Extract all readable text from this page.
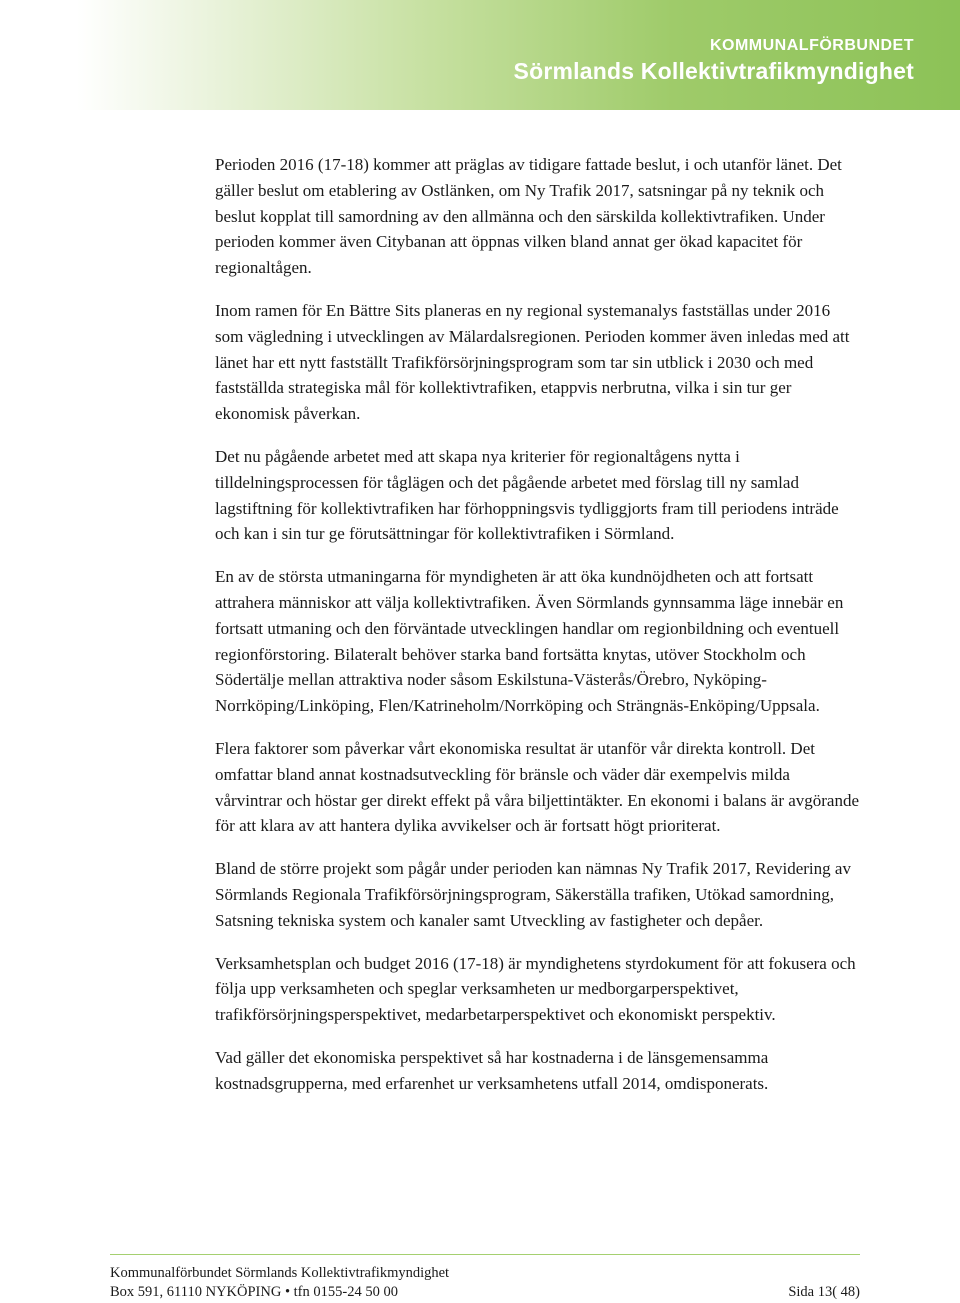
KOMMUNALFÖRBUNDET
Sörmlands Kollektivtrafikmyndighet

Perioden 2016 (17-18) kommer att präglas av tidigare fattade beslut, i och utanför länet. Det gäller beslut om etablering av Ostlänken, om Ny Trafik 2017, satsningar på ny teknik och beslut kopplat till samordning av den allmänna och den särskilda kollektivtrafiken. Under perioden kommer även Citybanan att öppnas vilken bland annat ger ökad kapacitet för regionaltågen.

Inom ramen för En Bättre Sits planeras en ny regional systemanalys fastställas under 2016 som vägledning i utvecklingen av Mälardalsregionen. Perioden kommer även inledas med att länet har ett nytt fastställt Trafikförsörjningsprogram som tar sin utblick i 2030 och med fastställda strategiska mål för kollektivtrafiken, etappvis nerbrutna, vilka i sin tur ger ekonomisk påverkan.

Det nu pågående arbetet med att skapa nya kriterier för regionaltågens nytta i tilldelningsprocessen för tåglägen och det pågående arbetet med förslag till ny samlad lagstiftning för kollektivtrafiken har förhoppningsvis tydliggjorts fram till periodens inträde och kan i sin tur ge förutsättningar för kollektivtrafiken i Sörmland.

En av de största utmaningarna för myndigheten är att öka kundnöjdheten och att fortsatt attrahera människor att välja kollektivtrafiken. Även Sörmlands gynnsamma läge innebär en fortsatt utmaning och den förväntade utvecklingen handlar om regionbildning och eventuell regionförstoring. Bilateralt behöver starka band fortsätta knytas, utöver Stockholm och Södertälje mellan attraktiva noder såsom Eskilstuna-Västerås/Örebro, Nyköping-Norrköping/Linköping, Flen/Katrineholm/Norrköping och Strängnäs-Enköping/Uppsala.

Flera faktorer som påverkar vårt ekonomiska resultat är utanför vår direkta kontroll. Det omfattar bland annat kostnadsutveckling för bränsle och väder där exempelvis milda vårvintrar och höstar ger direkt effekt på våra biljettintäkter. En ekonomi i balans är avgörande för att klara av att hantera dylika avvikelser och är fortsatt högt prioriterat.

Bland de större projekt som pågår under perioden kan nämnas Ny Trafik 2017, Revidering av Sörmlands Regionala Trafikförsörjningsprogram, Säkerställa trafiken, Utökad samordning, Satsning tekniska system och kanaler samt Utveckling av fastigheter och depåer.

Verksamhetsplan och budget 2016 (17-18) är myndighetens styrdokument för att fokusera och följa upp verksamheten och speglar verksamheten ur medborgarperspektivet, trafikförsörjningsperspektivet, medarbetarperspektivet och ekonomiskt perspektiv.

Vad gäller det ekonomiska perspektivet så har kostnaderna i de länsgemensamma kostnadsgrupperna, med erfarenhet ur verksamhetens utfall 2014, omdisponerats.

Kommunalförbundet Sörmlands Kollektivtrafikmyndighet
Box 591, 61110 NYKÖPING • tfn 0155-24 50 00	Sida 13( 48)
